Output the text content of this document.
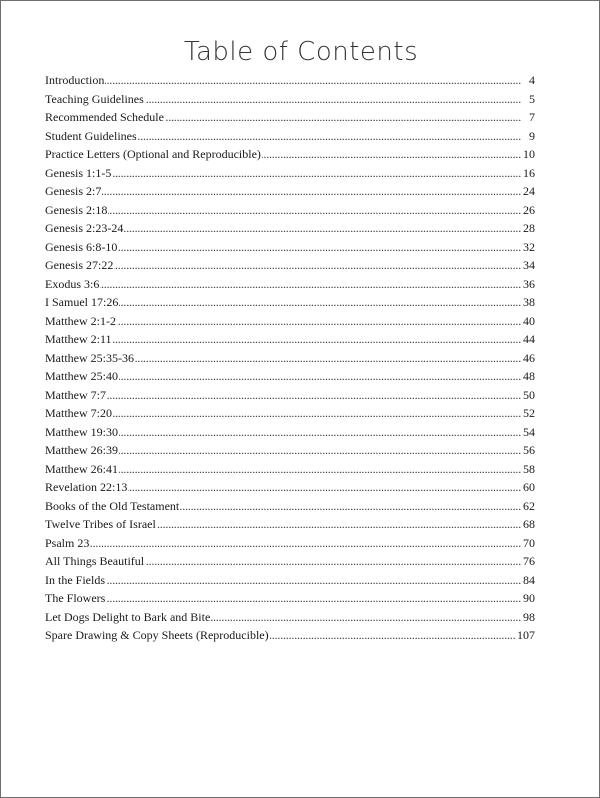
Table of Contents
. . . Introduction	4
. . . Teaching Guidelines	5
. . . Recommended Schedule	7
. . . Student Guidelines	9
. . . Practice Letters (Optional and Reproducible)	10
. . . Genesis 1:1-5	16
. . . Genesis 2:7	24
. . . Genesis 2:18	26
. . . Genesis 2:23-24	28
. . . Genesis 6:8-10	32
. . . Genesis 27:22	34
. . . Exodus 3:6	36
. . . I Samuel 17:26	38
. . . Matthew 2:1-2	40
. . . Matthew 2:11	44
. . . Matthew 25:35-36	46
. . . Matthew 25:40	48
. . . Matthew 7:7	50
. . . Matthew 7:20	52
. . . Matthew 19:30	54
. . . Matthew 26:39	56
. . . Matthew 26:41	58
. . . Revelation 22:13	60
. . . Books of the Old Testament	62
. . . Twelve Tribes of Israel	68
. . . Psalm 23	70
. . . All Things Beautiful	76
. . . In the Fields	84
. . . The Flowers	90
. . . Let Dogs Delight to Bark and Bite	98
. . . Spare Drawing & Copy Sheets (Reproducible)	107
